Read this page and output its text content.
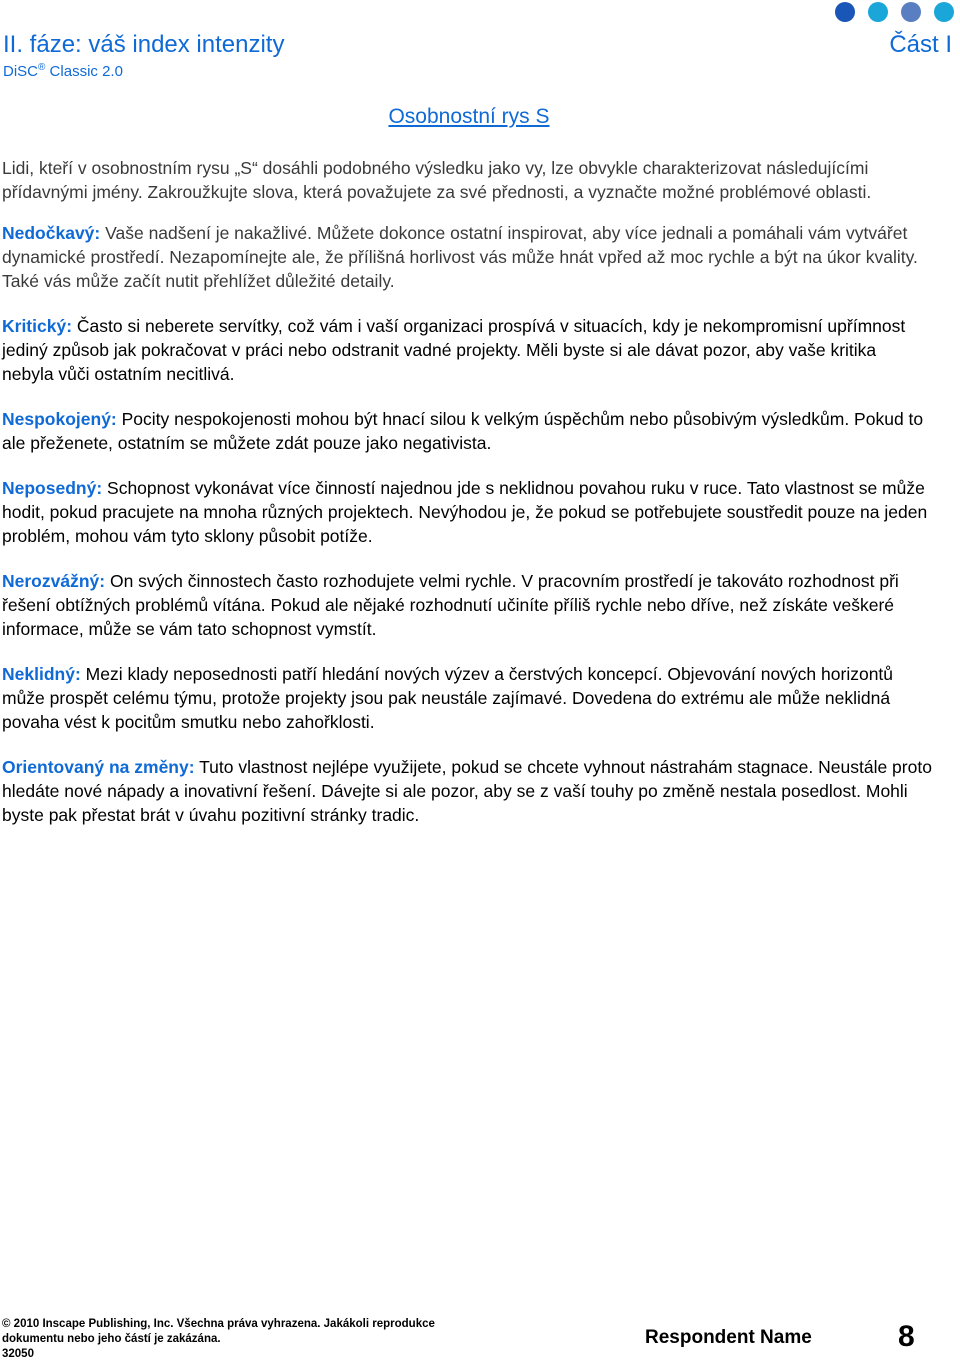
II. fáze: váš index intenzity	Část I
DiSC® Classic 2.0
Osobnostní rys S

Lidi, kteří v osobnostním rysu „S“ dosáhli podobného výsledku jako vy, lze obvykle charakterizovat následujícími přídavnými jmény. Zakroužkujte slova, která považujete za své přednosti, a vyznačte možné problémové oblasti.

Nedočkavý: Vaše nadšení je nakažlivé. Můžete dokonce ostatní inspirovat, aby více jednali a pomáhali vám vytvářet dynamické prostředí. Nezapomínejte ale, že přílišná horlivost vás může hnát vpřed až moc rychle a být na úkor kvality. Také vás může začít nutit přehlížet důležité detaily.

Kritický: Často si neberete servítky, což vám i vaší organizaci prospívá v situacích, kdy je nekompromisní upřímnost jediný způsob jak pokračovat v práci nebo odstranit vadné projekty. Měli byste si ale dávat pozor, aby vaše kritika nebyla vůči ostatním necitlivá.

Nespokojený: Pocity nespokojenosti mohou být hnací silou k velkým úspěchům nebo působivým výsledkům. Pokud to ale přeženete, ostatním se můžete zdát pouze jako negativista.

Neposedný: Schopnost vykonávat více činností najednou jde s neklidnou povahou ruku v ruce. Tato vlastnost se může hodit, pokud pracujete na mnoha různých projektech. Nevýhodou je, že pokud se potřebujete soustředit pouze na jeden problém, mohou vám tyto sklony působit potíže.

Nerozvážný: On svých činnostech často rozhodujete velmi rychle. V pracovním prostředí je takováto rozhodnost při řešení obtížných problémů vítána. Pokud ale nějaké rozhodnutí učiníte příliš rychle nebo dříve, než získáte veškeré informace, může se vám tato schopnost vymstít.

Neklidný: Mezi klady neposednosti patří hledání nových výzev a čerstvých koncepcí. Objevování nových horizontů může prospět celému týmu, protože projekty jsou pak neustále zajímavé. Dovedena do extrému ale může neklidná povaha vést k pocitům smutku nebo zahořklosti.

Orientovaný na změny: Tuto vlastnost nejlépe využijete, pokud se chcete vyhnout nástrahám stagnace. Neustále proto hledáte nové nápady a inovativní řešení. Dávejte si ale pozor, aby se z vaší touhy po změně nestala posedlost. Mohli byste pak přestat brát v úvahu pozitivní stránky tradic.

© 2010 Inscape Publishing, Inc. Všechna práva vyhrazena. Jakákoli reprodukce
dokumentu nebo jeho částí je zakázána.
32050
Respondent Name	8
